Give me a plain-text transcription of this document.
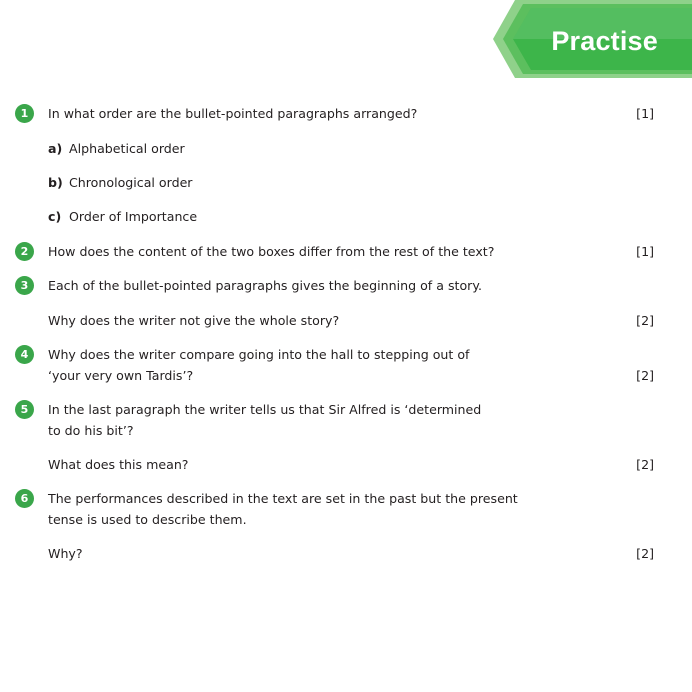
Practise
1	In what order are the bullet-pointed paragraphs arranged?	[1]
a) Alphabetical order
b) Chronological order
c) Order of Importance
2	How does the content of the two boxes differ from the rest of the text?	[1]
3	Each of the bullet-pointed paragraphs gives the beginning of a story.
Why does the writer not give the whole story?	[2]
4	Why does the writer compare going into the hall to stepping out of
‘your very own Tardis’?	[2]
5	In the last paragraph the writer tells us that Sir Alfred is ‘determined
to do his bit’?
What does this mean?	[2]
6	The performances described in the text are set in the past but the present
tense is used to describe them.
Why?	[2]
